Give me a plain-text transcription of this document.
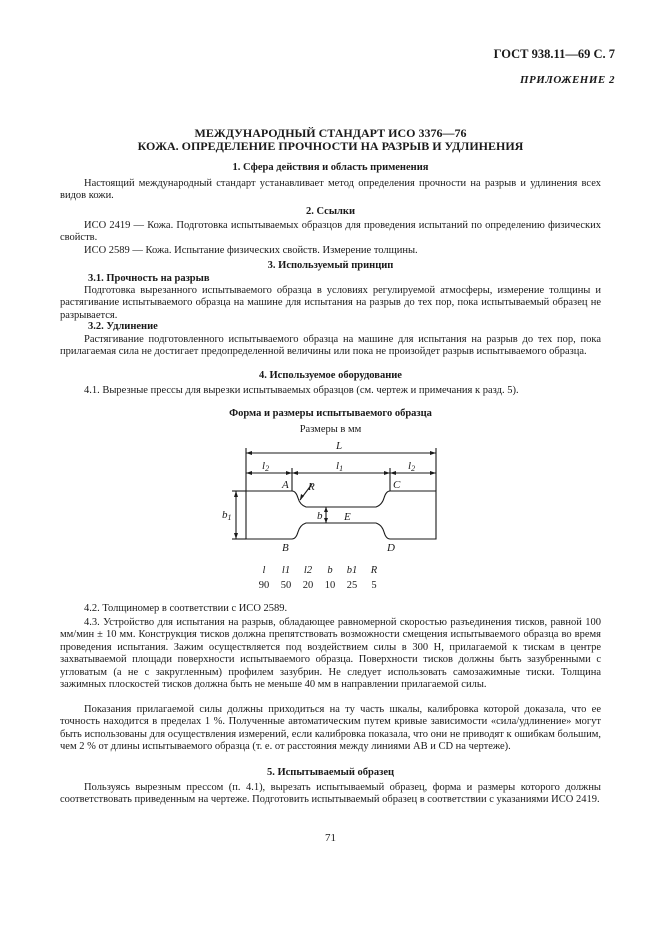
ГОСТ 938.11—69 С. 7
ПРИЛОЖЕНИЕ 2
МЕЖДУНАРОДНЫЙ СТАНДАРТ ИСО 3376—76
КОЖА. ОПРЕДЕЛЕНИЕ ПРОЧНОСТИ НА РАЗРЫВ И УДЛИНЕНИЯ
1. Сфера действия и область применения
Настоящий международный стандарт устанавливает метод определения прочности на разрыв и удлинения всех видов кожи.
2. Ссылки
ИСО 2419 — Кожа. Подготовка испытываемых образцов для проведения испытаний по определению физических свойств.
ИСО 2589 — Кожа. Испытание физических свойств. Измерение толщины.
3. Используемый принцип
3.1. Прочность на разрыв
Подготовка вырезанного испытываемого образца в условиях регулируемой атмосферы, измерение толщины и растягивание испытываемого образца на машине для испытания на разрыв до тех пор, пока испытываемый образец не разрывается.
3.2. Удлинение
Растягивание подготовленного испытываемого образца на машине для испытания на разрыв до тех пор, пока прилагаемая сила не достигает предопределенной величины или пока не произойдет разрыв испытываемого образца.
4. Используемое оборудование
4.1. Вырезные прессы для вырезки испытываемых образцов (см. чертеж и примечания к разд. 5).
Форма и размеры испытываемого образца
Размеры в мм
L
l2	l1	l2
b1	b
R
A
B
C
D
E
l l1 l2 b b1 R
90 50 20 10 25 5
4.2. Толщиномер в соответствии с ИСО 2589.
4.3. Устройство для испытания на разрыв, обладающее равномерной скоростью разъединения тисков, равной 100 мм/мин ± 10 мм. Конструкция тисков должна препятствовать возможности смещения испытываемого образца во время проведения испытания. Зажим осуществляется под воздействием силы в 300 Н, прилагаемой к тискам в центре захватываемой площади поверхности испытываемого образца. Поверхности тисков должны быть зазубренными с угловатым (а не с закругленным) профилем зазубрин. Не следует использовать самозажимные тиски. Толщина зажимных плоскостей тисков должна быть не меньше 40 мм в направлении прилагаемой силы.
Показания прилагаемой силы должны приходиться на ту часть шкалы, калибровка которой доказала, что ее точность находится в пределах 1 %. Полученные автоматическим путем кривые зависимости «сила/удлинение» могут быть использованы для осуществления измерений, если калибровка показала, что они не приводят к ошибкам большим, чем 2 % от длины испытываемого образца (т. е. от расстояния между линиями AB и CD на чертеже).
5. Испытываемый образец
Пользуясь вырезным прессом (п. 4.1), вырезать испытываемый образец, форма и размеры которого должны соответствовать приведенным на чертеже. Подготовить испытываемый образец в соответствии с указаниями ИСО 2419.
71
